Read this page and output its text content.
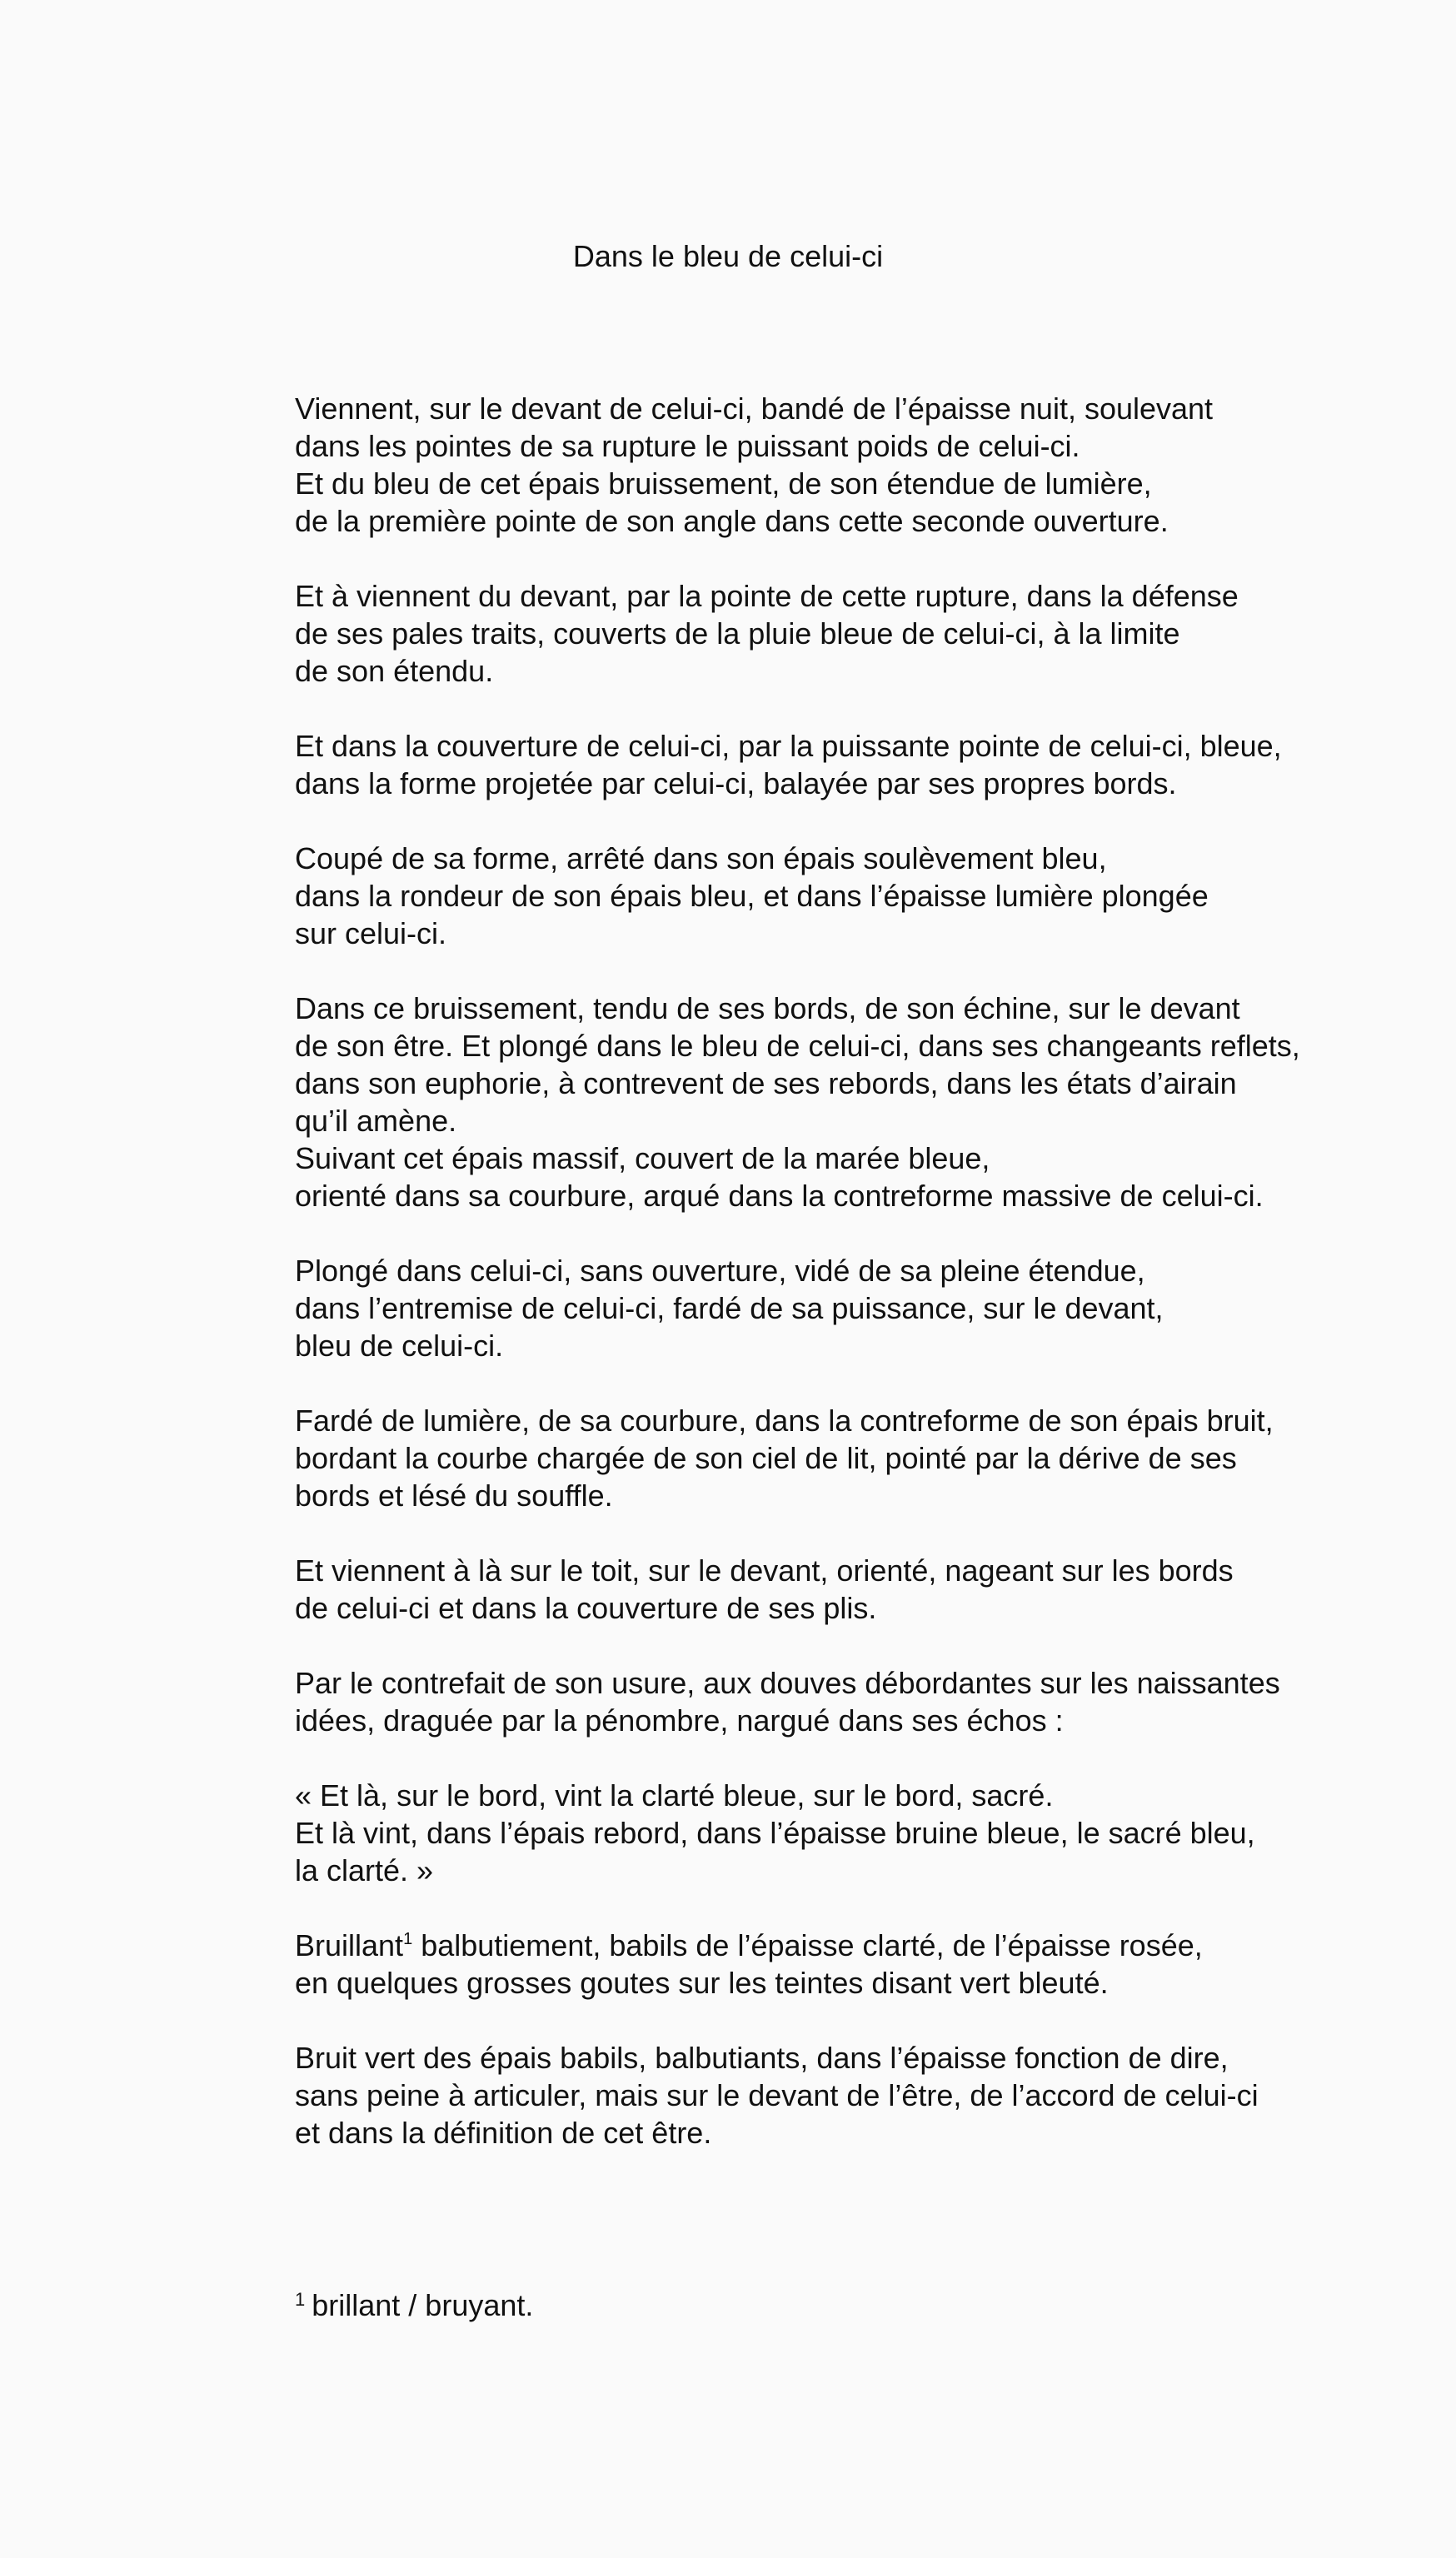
Dans le bleu de celui-ci
Viennent, sur le devant de celui-ci, bandé de l’épaisse nuit, soulevant
dans les pointes de sa rupture le puissant poids de celui-ci.
Et du bleu de cet épais bruissement, de son étendue de lumière,
de la première pointe de son angle dans cette seconde ouverture.
Et à viennent du devant, par la pointe de cette rupture, dans la défense
de ses pales traits, couverts de la pluie bleue de celui-ci, à la limite
de son étendu.
Et dans la couverture de celui-ci, par la puissante pointe de celui-ci, bleue,
dans la forme projetée par celui-ci, balayée par ses propres bords.
Coupé de sa forme, arrêté dans son épais soulèvement bleu,
dans la rondeur de son épais bleu, et dans l’épaisse lumière plongée
sur celui-ci.
Dans ce bruissement, tendu de ses bords, de son échine, sur le devant
de son être. Et plongé dans le bleu de celui-ci, dans ses changeants reflets,
dans son euphorie, à contrevent de ses rebords, dans les états d’airain
qu’il amène.
Suivant cet épais massif, couvert de la marée bleue,
orienté dans sa courbure, arqué dans la contreforme massive de celui-ci.
Plongé dans celui-ci, sans ouverture, vidé de sa pleine étendue,
dans l’entremise de celui-ci, fardé de sa puissance, sur le devant,
bleu de celui-ci.
Fardé de lumière, de sa courbure, dans la contreforme de son épais bruit,
bordant la courbe chargée de son ciel de lit, pointé par la dérive de ses
bords et lésé du souffle.
Et viennent à là sur le toit, sur le devant, orienté, nageant sur les bords
de celui-ci et dans la couverture de ses plis.
Par le contrefait de son usure, aux douves débordantes sur les naissantes
idées, draguée par la pénombre, nargué dans ses échos :
« Et là, sur le bord, vint la clarté bleue, sur le bord, sacré.
Et là vint, dans l’épais rebord, dans l’épaisse bruine bleue, le sacré bleu,
la clarté. »
Bruillant$^1$ balbutiement, babils de l’épaisse clarté, de l’épaisse rosée,
en quelques grosses goutes sur les teintes disant vert bleuté.
Bruit vert des épais babils, balbutiants, dans l’épaisse fonction de dire,
sans peine à articuler, mais sur le devant de l’être, de l’accord de celui-ci
et dans la définition de cet être.
$^1$ brillant / bruyant.
